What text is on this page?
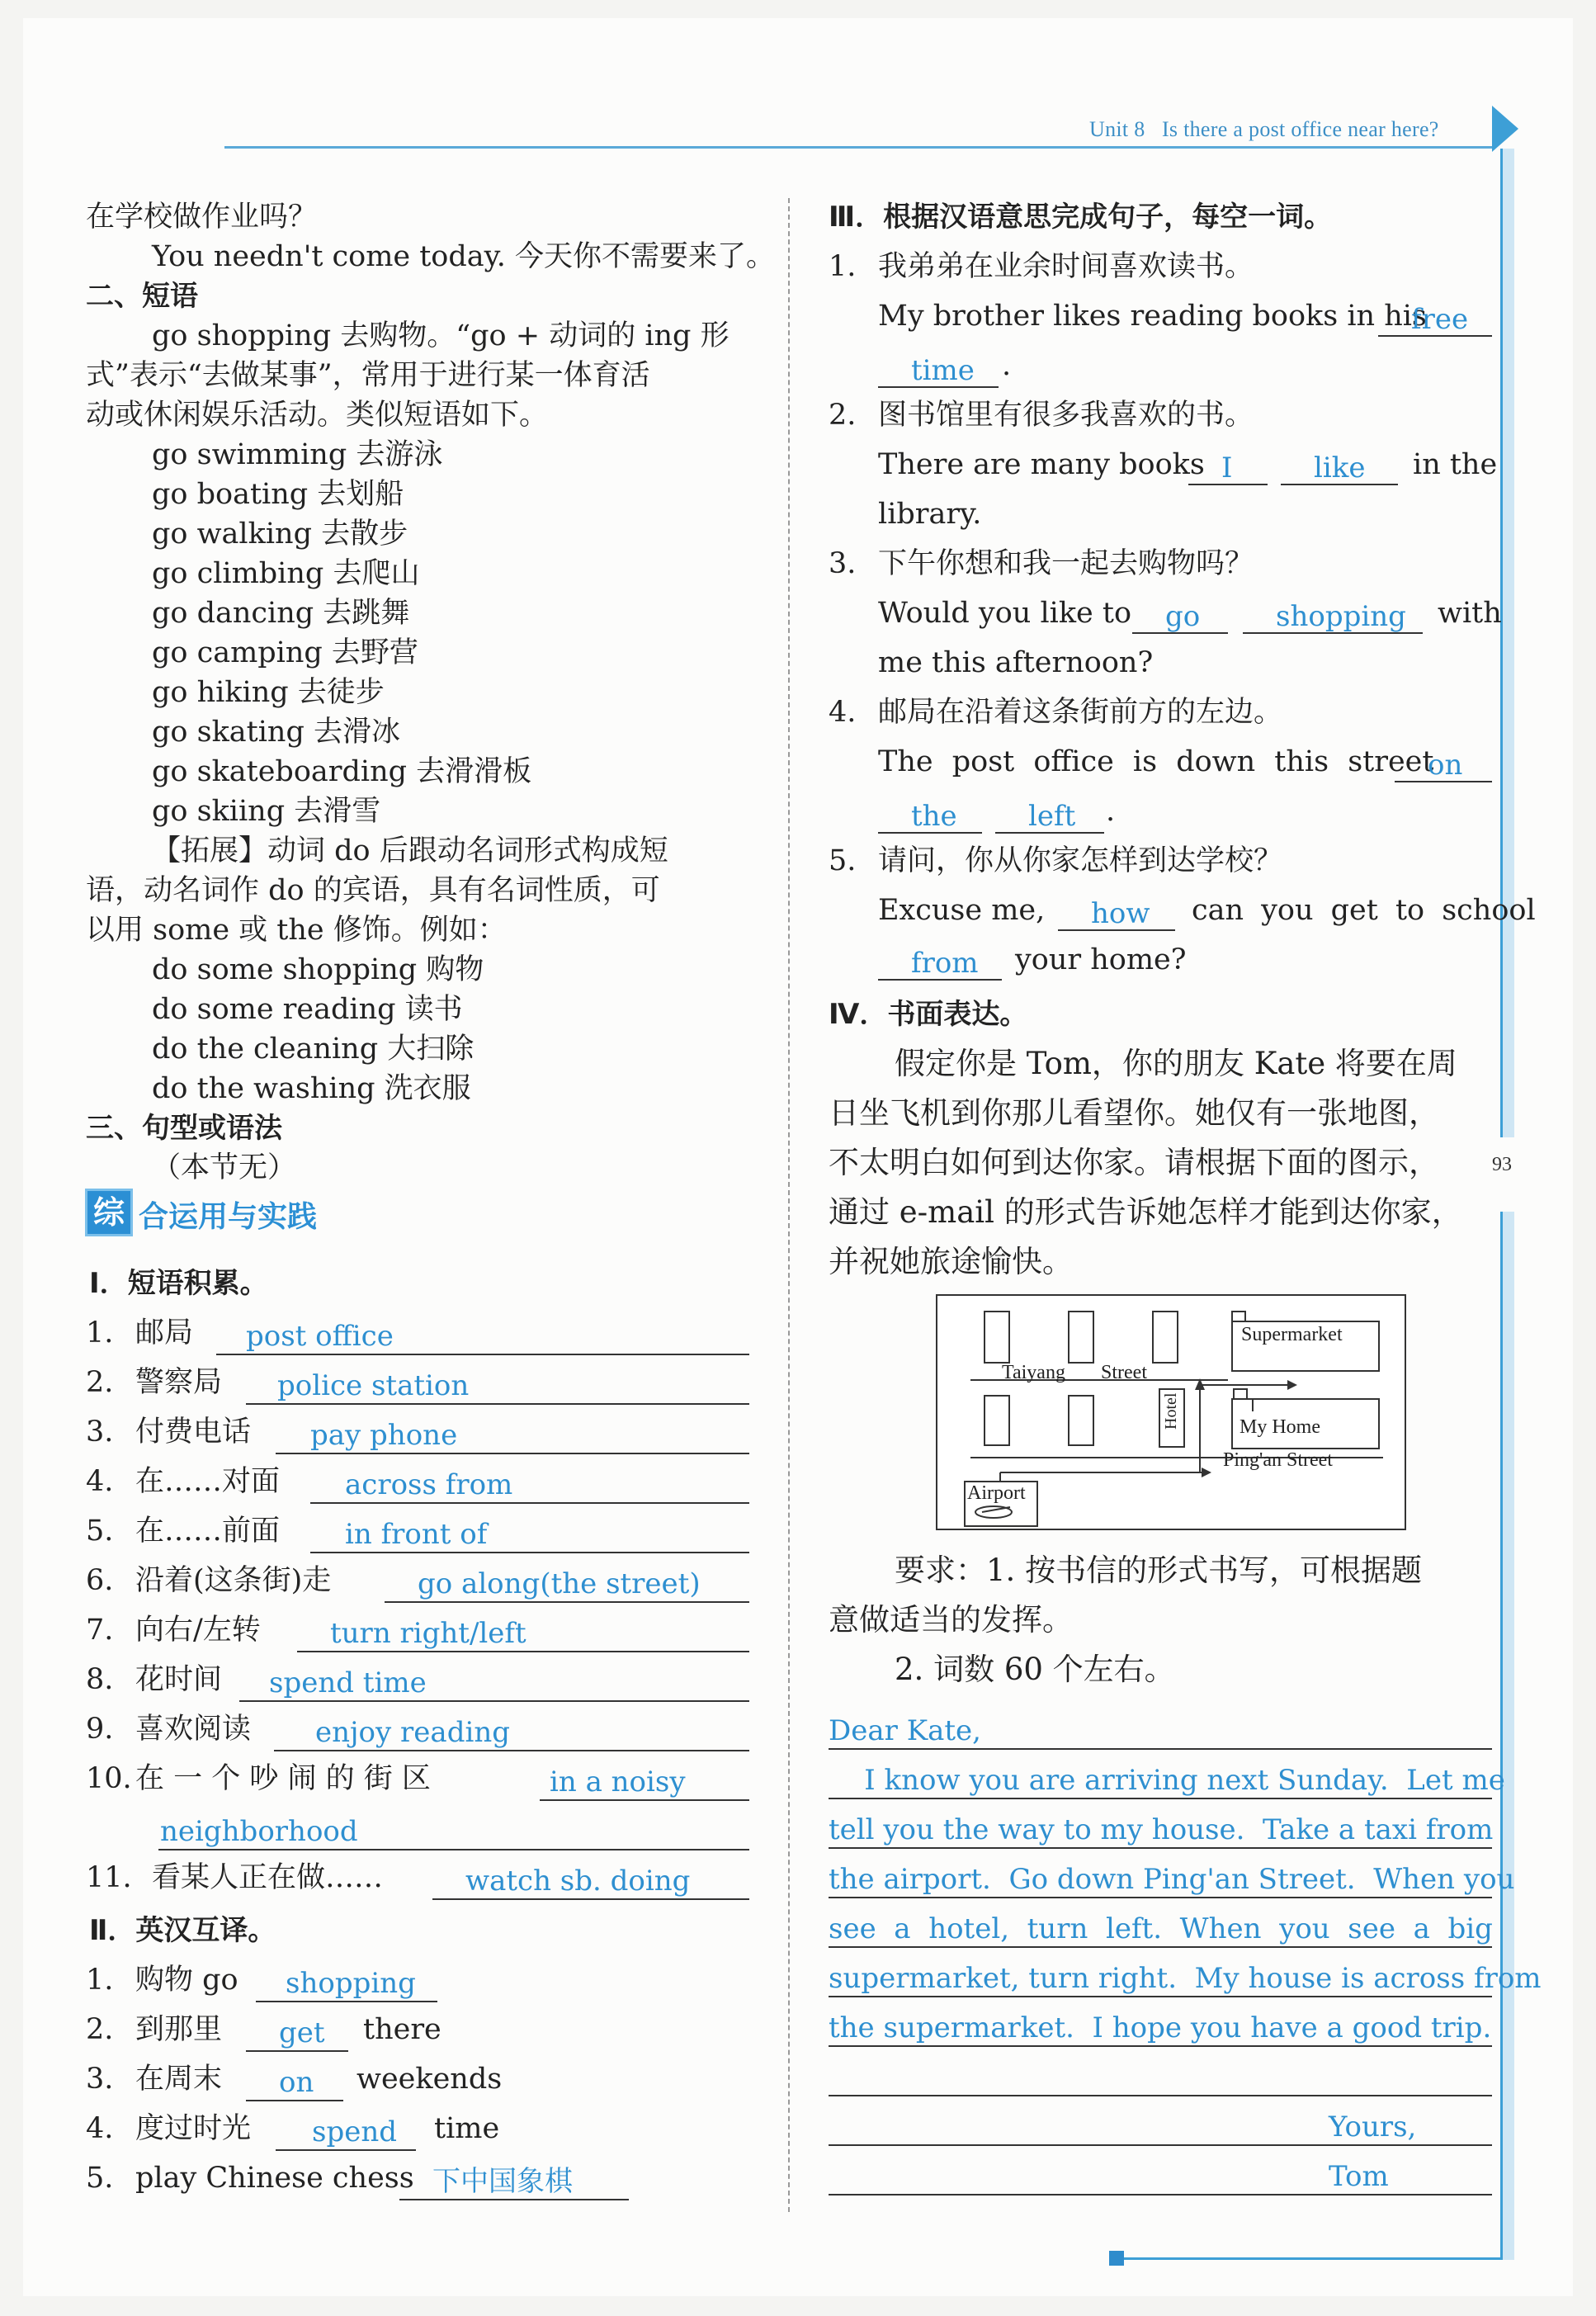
Unit 8 Is there a post office near here?
93
在学校做作业吗？
You needn't come today. 今天你不需要来了。
二、短语
go shopping 去购物。“go + 动词的 ing 形
式”表示“去做某事”，常用于进行某一体育活
动或休闲娱乐活动。类似短语如下。
go swimming 去游泳
go boating 去划船
go walking 去散步
go climbing 去爬山
go dancing 去跳舞
go camping 去野营
go hiking 去徒步
go skating 去滑冰
go skateboarding 去滑滑板
go skiing 去滑雪
【拓展】动词 do 后跟动名词形式构成短
语，动名词作 do 的宾语，具有名词性质，可
以用 some 或 the 修饰。例如：
do some shopping 购物
do some reading 读书
do the cleaning 大扫除
do the washing 洗衣服
三、句型或语法
（本节无）
综 合运用与实践
Ⅰ．短语积累。
1. 邮局 post office
2. 警察局 police station
3. 付费电话 pay phone
4. 在……对面 across from
5. 在……前面 in front of
6. 沿着(这条街)走	go along(the street)
7. 向右/左转 turn right/left
8. 花时间 spend time
9. 喜欢阅读 enjoy reading
10. 在 一 个 吵 闹 的 街 区	in a noisy
neighborhood
11. 看某人正在做……	watch sb. doing
Ⅱ．英汉互译。
1. 购物 go shopping
2. 到那里 get there
3. 在周末 on weekends
4. 度过时光 spend time
5. play Chinese chess 下中国象棋
Ⅲ．根据汉语意思完成句子，每空一词。
1. 我弟弟在业余时间喜欢读书。
My brother likes reading books in his
free
time .
2. 图书馆里有很多我喜欢的书。
There are many books I	like in the
library.
3. 下午你想和我一起去购物吗？
Would you like to go	shopping with
me this afternoon?
4. 邮局在沿着这条街前方的左边。
The post office is down this street
on
the	left .
5. 请问，你从你家怎样到达学校？
Excuse me, how can you get to school
from your home?
Ⅳ．书面表达。
假定你是 Tom，你的朋友 Kate 将要在周
日坐飞机到你那儿看望你。她仅有一张地图，
不太明白如何到达你家。请根据下面的图示，
通过 e-mail 的形式告诉她怎样才能到达你家，
并祝她旅途愉快。
Supermarket
Taiyang Street
Hotel	My Home
Ping'an Street
Airport
要求：1. 按书信的形式书写，可根据题
意做适当的发挥。
2. 词数 60 个左右。
Dear Kate,
I know you are arriving next Sunday.  Let me
tell you the way to my house.  Take a taxi from
the airport.  Go down Ping'an Street.  When you
see  a  hotel,  turn  left.  When  you  see  a  big
supermarket, turn right.  My house is across from
the supermarket.  I hope you have a good trip.
Yours,
Tom
